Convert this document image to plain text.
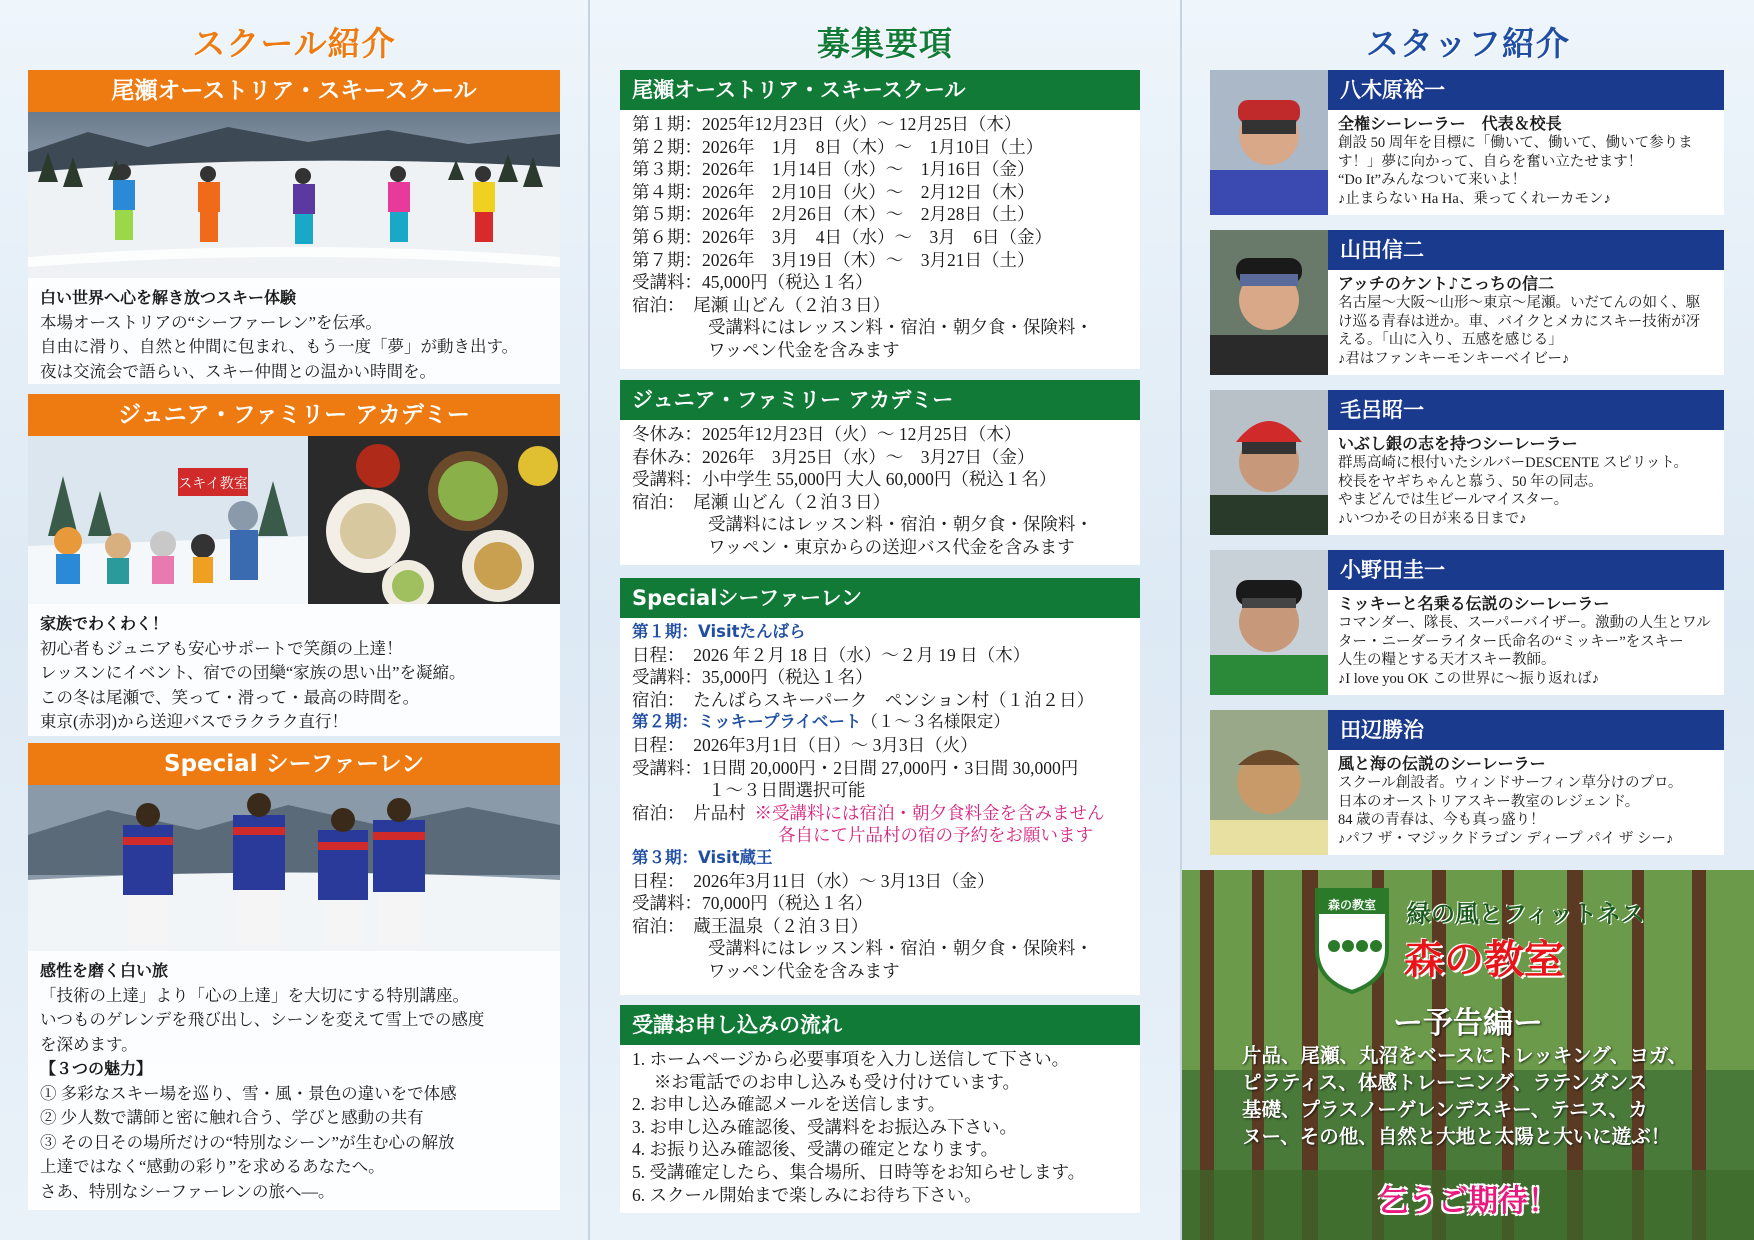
スクール紹介
尾瀬オーストリア・スキースクール
白い世界へ心を解き放つスキー体験
本場オーストリアの“シーファーレン”を伝承。
自由に滑り、自然と仲間に包まれ、もう一度「夢」が動き出す。
夜は交流会で語らい、スキー仲間との温かい時間を。
ジュニア・ファミリー アカデミー
スキイ教室
家族でわくわく！
初心者もジュニアも安心サポートで笑顔の上達！
レッスンにイベント、宿での団欒“家族の思い出”を凝縮。
この冬は尾瀬で、笑って・滑って・最高の時間を。
東京(赤羽)から送迎バスでラクラク直行！
Special シーファーレン
感性を磨く白い旅
「技術の上達」より「心の上達」を大切にする特別講座。
いつものゲレンデを飛び出し、シーンを変えて雪上での感度
を深めます。
【３つの魅力】
① 多彩なスキー場を巡り、雪・風・景色の違いをで体感
② 少人数で講師と密に触れ合う、学びと感動の共有
③ その日その場所だけの“特別なシーン”が生む心の解放
上達ではなく“感動の彩り”を求めるあなたへ。
さあ、特別なシーファーレンの旅へ—。
募集要項
尾瀬オーストリア・スキースクール
第１期：2025年12月23日（火）～ 12月25日（木）
第２期：2026年　1月　8日（木）～　1月10日（土）
第３期：2026年　1月14日（水）～　1月16日（金）
第４期：2026年　2月10日（火）～　2月12日（木）
第５期：2026年　2月26日（木）～　2月28日（土）
第６期：2026年　3月　4日（水）～　3月　6日（金）
第７期：2026年　3月19日（木）～　3月21日（土）
受講料：45,000円（税込１名）
宿泊：　尾瀬 山どん（２泊３日）
受講料にはレッスン料・宿泊・朝夕食・保険料・
ワッペン代金を含みます
ジュニア・ファミリー アカデミー
冬休み：2025年12月23日（火）～ 12月25日（木）
春休み：2026年　3月25日（水）～　3月27日（金）
受講料：小中学生 55,000円 大人 60,000円（税込１名）
宿泊：　尾瀬 山どん（２泊３日）
受講料にはレッスン料・宿泊・朝夕食・保険料・
ワッペン・東京からの送迎バス代金を含みます
Specialシーファーレン
第１期：Visitたんばら
日程：　2026 年２月 18 日（水）～２月 19 日（木）
受講料：35,000円（税込１名）
宿泊：　たんばらスキーパーク　ペンション村（１泊２日）
第２期：ミッキープライベート（１～３名様限定）
日程：　2026年3月1日（日）～ 3月3日（火）
受講料：1日間 20,000円・2日間 27,000円・3日間 30,000円
１～３日間選択可能
宿泊：　片品村 ※受講料には宿泊・朝夕食料金を含みません
各自にて片品村の宿の予約をお願います
第３期：Visit蔵王
日程：　2026年3月11日（水）～ 3月13日（金）
受講料：70,000円（税込１名）
宿泊：　蔵王温泉（２泊３日）
受講料にはレッスン料・宿泊・朝夕食・保険料・
ワッペン代金を含みます
受講お申し込みの流れ
1. ホームページから必要事項を入力し送信して下さい。
　 ※お電話でのお申し込みも受け付けています。
2. お申し込み確認メールを送信します。
3. お申し込み確認後、受講料をお振込み下さい。
4. お振り込み確認後、受講の確定となります。
5. 受講確定したら、集合場所、日時等をお知らせします。
6. スクール開始まで楽しみにお待ち下さい。
スタッフ紹介
八木原裕一
全権シーレーラー　代表＆校長
創設 50 周年を目標に「働いて、働いて、働いて参りま
す！」夢に向かって、自らを奮い立たせます！
“Do It”みんなついて来いよ！
♪止まらない Ha Ha、乗ってくれーカモン♪
山田信二
アッチのケント♪こっちの信二
名古屋～大阪～山形～東京～尾瀬。いだてんの如く、駆
け巡る青春は迸か。車、バイクとメカにスキー技術が冴
える。「山に入り、五感を感じる」
♪君はファンキーモンキーベイビー♪
毛呂昭一
いぶし銀の志を持つシーレーラー
群馬高崎に根付いたシルバーDESCENTE スピリット。
校長をヤギちゃんと慕う、50 年の同志。
やまどんでは生ビールマイスター。
♪いつかその日が来る日まで♪
小野田圭一
ミッキーと名乗る伝説のシーレーラー
コマンダー、隊長、スーパーバイザー。激動の人生とワル
ター・ニーダーライター氏命名の“ミッキー”をスキー
人生の糧とする天才スキー教師。
♪I love you OK この世界に～振り返れば♪
田辺勝治
風と海の伝説のシーレーラー
スクール創設者。ウィンドサーフィン草分けのプロ。
日本のオーストリアスキー教室のレジェンド。
84 歳の青春は、今も真っ盛り！
♪パフ ザ・マジックドラゴン ディープ パイ ザ シー♪
森の教室	緑の風とフィットネス
森の教室
ー予告編ー
片品、尾瀬、丸沼をベースにトレッキング、ヨガ、
ピラティス、体感トレーニング、ラテンダンス
基礎、プラスノーゲレンデスキー、テニス、カ
ヌー、その他、自然と大地と太陽と大いに遊ぶ！
乞うご期待！
